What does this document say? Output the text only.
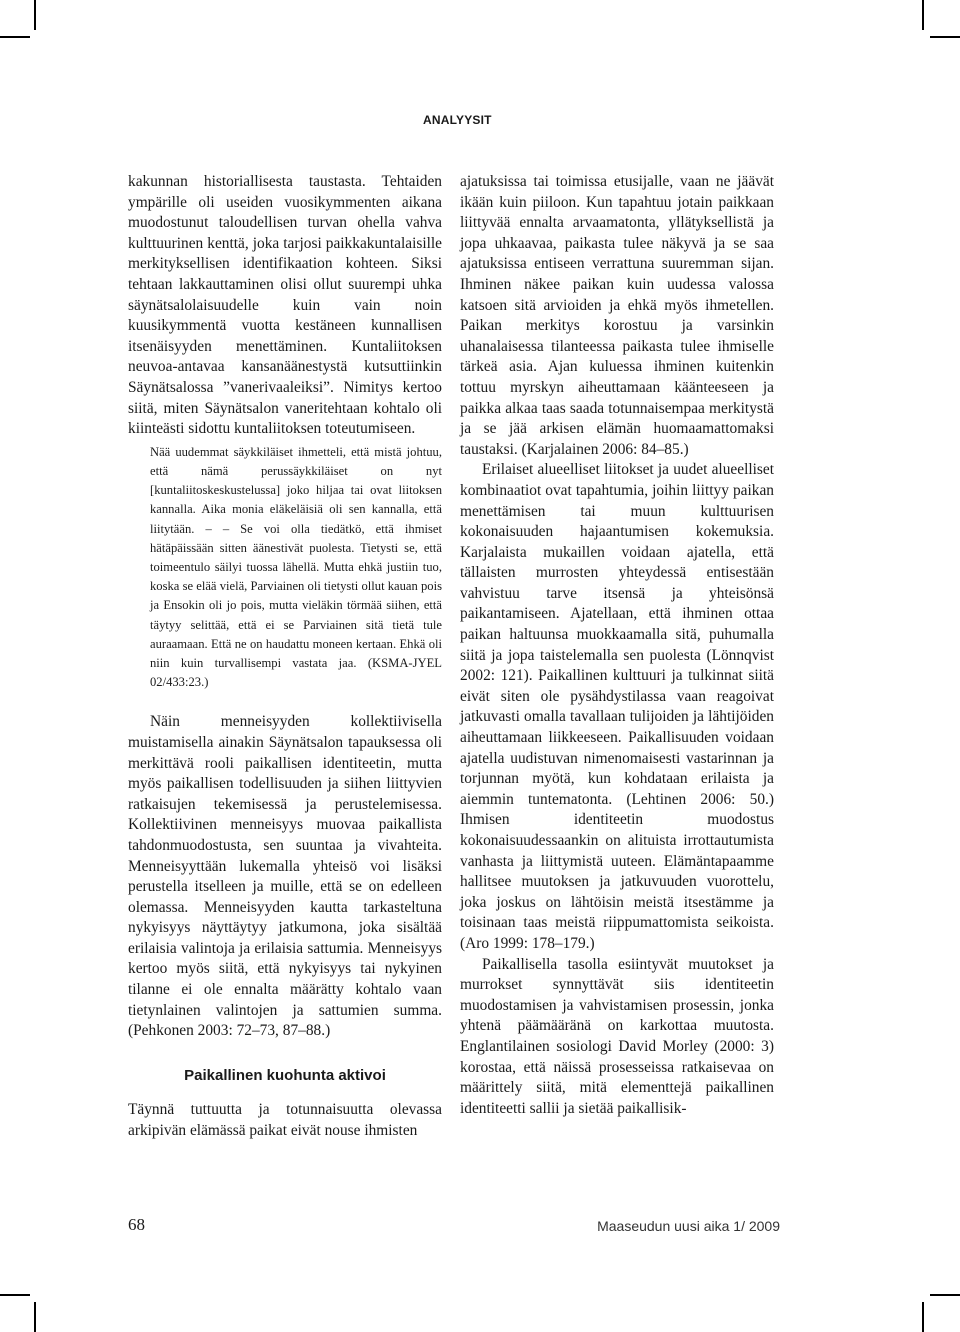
ANALYYSIT

kakunnan historiallisesta taustasta. Tehtaiden ympärille oli useiden vuosikymmenten aikana muodostunut taloudellisen turvan ohella vahva kulttuurinen kenttä, joka tarjosi paikkakuntalaisille merkityksellisen identifikaation kohteen. Siksi tehtaan lakkauttaminen olisi ollut suurempi uhka säynätsalolaisuudelle kuin vain noin kuusikymmentä vuotta kestäneen kunnallisen itsenäisyyden menettäminen. Kuntaliitoksen neuvoa-antavaa kansanäänestystä kutsuttiinkin Säynätsalossa ”vanerivaaleiksi”. Nimitys kertoo siitä, miten Säynätsalon vaneritehtaan kohtalo oli kiinteästi sidottu kuntaliitoksen toteutumiseen.

Nää uudemmat säykkiläiset ihmetteli, että mistä johtuu, että nämä perussäykkiläiset on nyt [kuntaliitoskeskustelussa] joko hiljaa tai ovat liitoksen kannalla. Aika monia eläkeläisiä oli sen kannalla, että liitytään. – – Se voi olla tiedätkö, että ihmiset hätäpäissään sitten äänestivät puolesta. Tietysti se, että toimeentulo säilyi tuossa lähellä. Mutta ehkä justiin tuo, koska se elää vielä, Parviainen oli tietysti ollut kauan pois ja Ensokin oli jo pois, mutta vieläkin törmää siihen, että täytyy selittää, että ei se Parviainen sitä tietä tule auraamaan. Että ne on haudattu moneen kertaan. Ehkä oli niin kuin turvallisempi vastata jaa. (KSMA-JYEL 02/433:23.)

Näin menneisyyden kollektiivisella muistamisella ainakin Säynätsalon tapauksessa oli merkittävä rooli paikallisen identiteetin, mutta myös paikallisen todellisuuden ja siihen liittyvien ratkaisujen tekemisessä ja perustelemisessa. Kollektiivinen menneisyys muovaa paikallista tahdonmuodostusta, sen suuntaa ja vivahteita. Menneisyyttään lukemalla yhteisö voi lisäksi perustella itselleen ja muille, että se on edelleen olemassa. Menneisyyden kautta tarkasteltuna nykyisyys näyttäytyy jatkumona, joka sisältää erilaisia valintoja ja erilaisia sattumia. Menneisyys kertoo myös siitä, että nykyisyys tai nykyinen tilanne ei ole ennalta määrätty kohtalo vaan tietynlainen valintojen ja sattumien summa. (Pehkonen 2003: 72‒73, 87‒88.)

Paikallinen kuohunta aktivoi

Täynnä tuttuutta ja totunnaisuutta olevassa arkipivän elämässä paikat eivät nouse ihmisten

ajatuksissa tai toimissa etusijalle, vaan ne jäävät ikään kuin piiloon. Kun tapahtuu jotain paikkaan liittyvää ennalta arvaamatonta, yllätyksellistä ja jopa uhkaavaa, paikasta tulee näkyvä ja se saa ajatuksissa entiseen verrattuna suuremman sijan. Ihminen näkee paikan kuin uudessa valossa katsoen sitä arvioiden ja ehkä myös ihmetellen. Paikan merkitys korostuu ja varsinkin uhanalaisessa tilanteessa paikasta tulee ihmiselle tärkeä asia. Ajan kuluessa ihminen kuitenkin tottuu myrskyn aiheuttamaan käänteeseen ja paikka alkaa taas saada totunnaisempaa merkitystä ja se jää arkisen elämän huomaamattomaksi taustaksi. (Karjalainen 2006: 84–85.)

Erilaiset alueelliset liitokset ja uudet alueelliset kombinaatiot ovat tapahtumia, joihin liittyy paikan menettämisen tai muun kulttuurisen kokonaisuuden hajaantumisen kokemuksia. Karjalaista mukaillen voidaan ajatella, että tällaisten murrosten yhteydessä entisestään vahvistuu tarve itsensä ja yhteisönsä paikantamiseen. Ajatellaan, että ihminen ottaa paikan haltuunsa muokkaamalla sitä, puhumalla siitä ja jopa taistelemalla sen puolesta (Lönnqvist 2002: 121). Paikallinen kulttuuri ja tulkinnat siitä eivät siten ole pysähdystilassa vaan reagoivat jatkuvasti omalla tavallaan tulijoiden ja lähtijöiden aiheuttamaan liikkeeseen. Paikallisuuden voidaan ajatella uudistuvan nimenomaisesti vastarinnan ja torjunnan myötä, kun kohdataan erilaista ja aiemmin tuntematonta. (Lehtinen 2006: 50.) Ihmisen identiteetin muodostus kokonaisuudessaankin on alituista irrottautumista vanhasta ja liittymistä uuteen. Elämäntapaamme hallitsee muutoksen ja jatkuvuuden vuorottelu, joka joskus on lähtöisin meistä itsestämme ja toisinaan taas meistä riippumattomista seikoista. (Aro 1999: 178–179.)

Paikallisella tasolla esiintyvät muutokset ja murrokset synnyttävät siis identiteetin muodostamisen ja vahvistamisen prosessin, jonka yhtenä päämääränä on karkottaa muutosta. Englantilainen sosiologi David Morley (2000: 3) korostaa, että näissä prosesseissa ratkaisevaa on määrittely siitä, mitä elementtejä paikallinen identiteetti sallii ja sietää paikallisik-

68	Maaseudun uusi aika 1/ 2009
